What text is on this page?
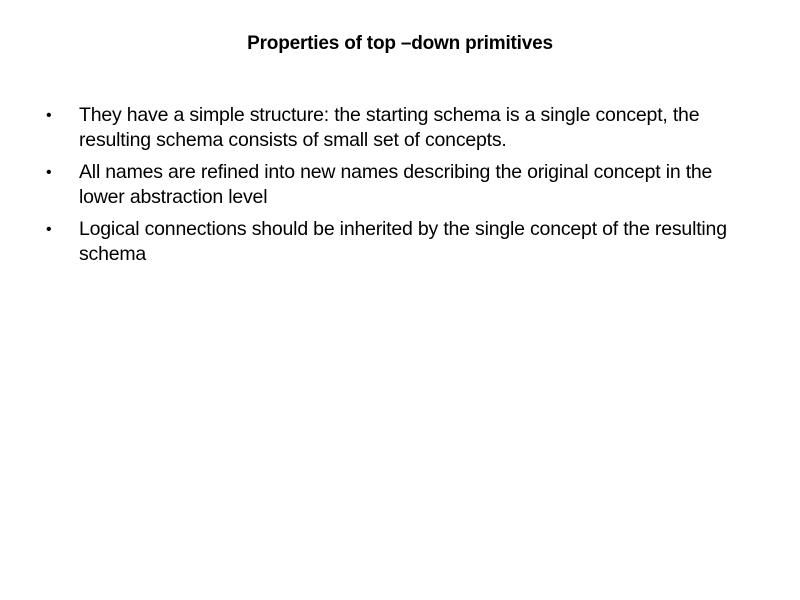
Properties of top –down primitives
• They have a simple structure: the starting schema is a single concept, the resulting schema consists of small set of concepts.
• All names are refined into new names describing the original concept in the lower abstraction level
• Logical connections should be inherited by the single concept of the resulting schema
